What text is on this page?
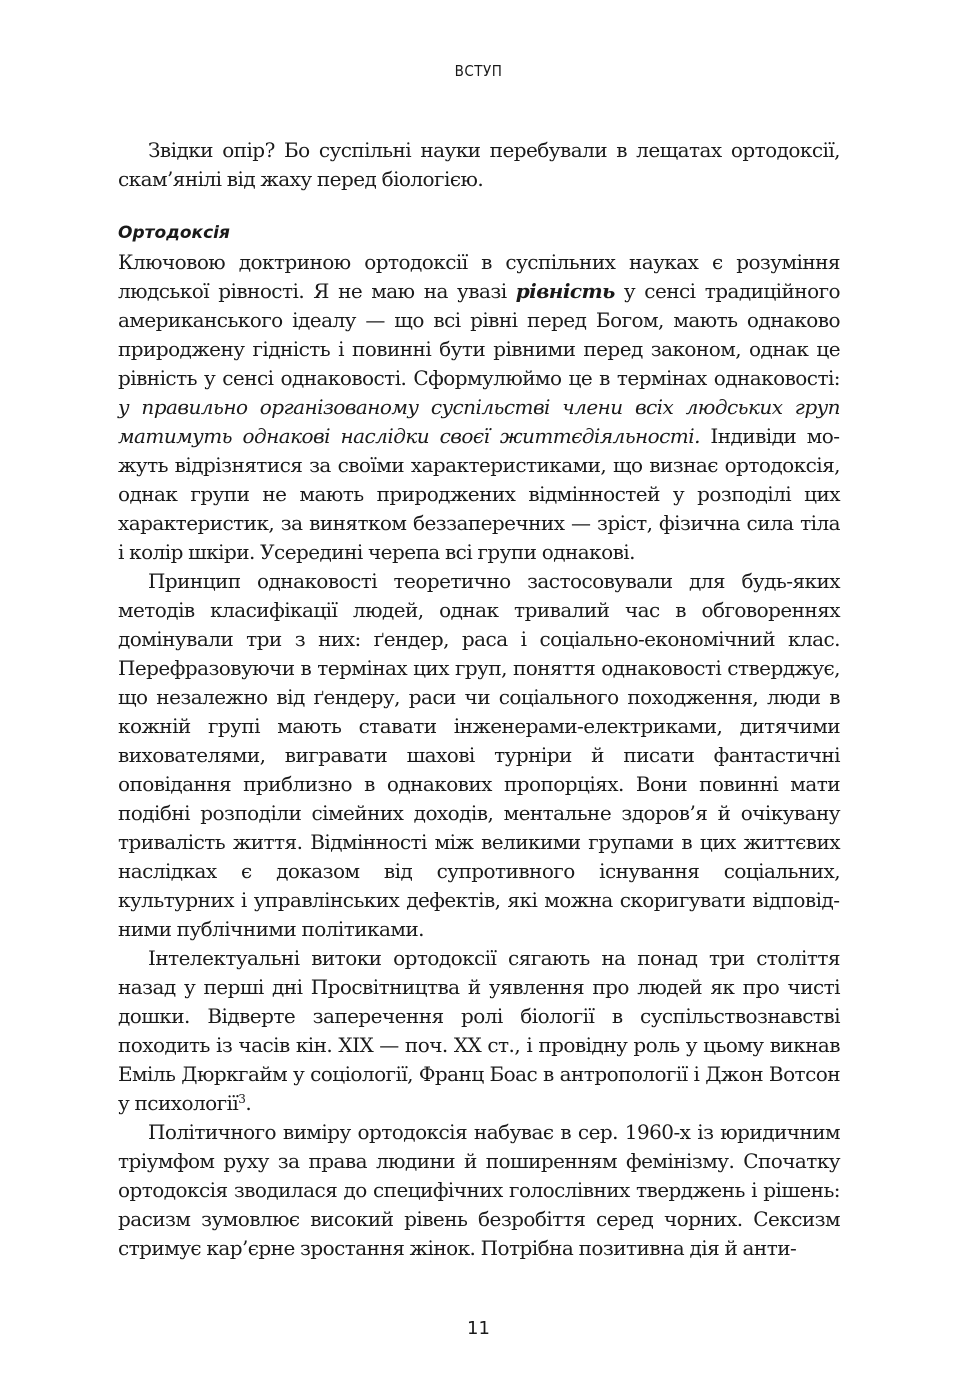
ВСТУП

Звідки опір? Бо суспільні науки перебували в лещатах ортодоксії, скам’янілі від жаху перед біологією.

Ортодоксія

Ключовою доктриною ортодоксії в суспільних науках є розуміння людської рівності. Я не маю на увазі рівність у сенсі традиційного американського ідеалу — що всі рівні перед Богом, мають однаково природжену гідність і повинні бути рівними перед законом, однак це рівність у сенсі однаковості. Сформулюймо це в термінах однаковості: у правильно організованому суспільстві члени всіх людських груп матимуть однакові наслідки своєї життєдіяльності. Індивіди можуть відрізнятися за своїми характеристиками, що визнає ортодоксія, однак групи не мають природжених відмінностей у розподілі цих характеристик, за винятком беззаперечних — зріст, фізична сила тіла і колір шкіри. Усередині черепа всі групи однакові.

Принцип однаковості теоретично застосовували для будь-яких методів класифікації людей, однак тривалий час в обговореннях домінували три з них: ґендер, раса і соціально-економічний клас. Перефразовуючи в термінах цих груп, поняття однаковості стверджує, що незалежно від ґендеру, раси чи соціального походження, люди в кожній групі мають ставати інженерами-електриками, дитячими вихователями, вигравати шахові турніри й писати фантастичні оповідання приблизно в однакових пропорціях. Вони повинні мати подібні розподіли сімейних доходів, ментальне здоров’я й очікувану тривалість життя. Відмінності між великими групами в цих життєвих наслідках є доказом від супротивного існування соціальних, культурних і управлінських дефектів, які можна скоригувати відповідними публічними політиками.

Інтелектуальні витоки ортодоксії сягають на понад три століття назад у перші дні Просвітництва й уявлення про людей як про чисті дошки. Відверте заперечення ролі біології в суспільствознавстві походить із часів кін. XIX — поч. XX ст., і провідну роль у цьому викнав Еміль Дюркгайм у соціології, Франц Боас в антропології і Джон Вотсон у психології$^3$.

Політичного виміру ортодоксія набуває в сер. 1960-х із юридичним тріумфом руху за права людини й поширенням фемінізму. Спочатку ортодоксія зводилася до специфічних голослівних тверджень і рішень: расизм зумовлює високий рівень безробіття серед чорних. Сексизм стримує кар’єрне зростання жінок. Потрібна позитивна дія й анти-

11
